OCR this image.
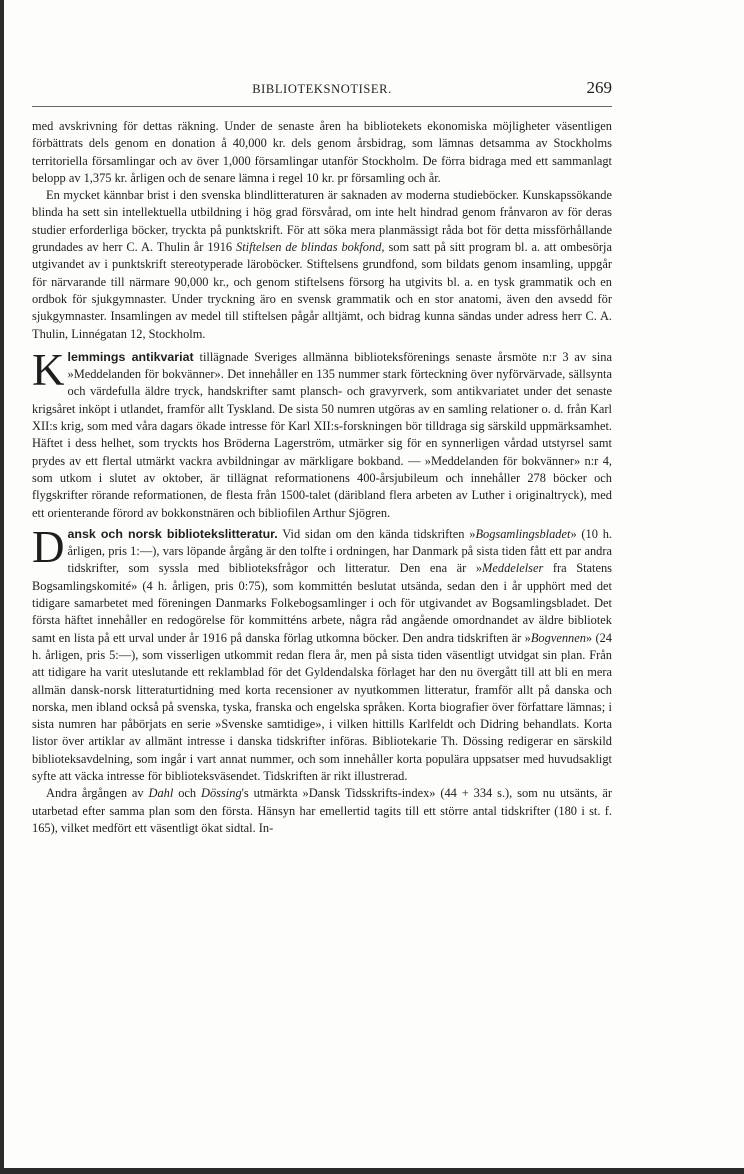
BIBLIOTEKSNOTISER.	269

med avskrivning för dettas räkning. Under de senaste åren ha bibliotekets ekonomiska möjligheter väsentligen förbättrats dels genom en donation å 40,000 kr. dels genom årsbidrag, som lämnas detsamma av Stockholms territoriella församlingar och av över 1,000 församlingar utanför Stockholm. De förra bidraga med ett sammanlagt belopp av 1,375 kr. årligen och de senare lämna i regel 10 kr. pr församling och år.

En mycket kännbar brist i den svenska blindlitteraturen är saknaden av moderna studieböcker. Kunskapssökande blinda ha sett sin intellektuella utbildning i hög grad försvårad, om inte helt hindrad genom frånvaron av för deras studier erforderliga böcker, tryckta på punktskrift. För att söka mera planmässigt råda bot för detta missförhållande grundades av herr C. A. Thulin år 1916 Stiftelsen de blindas bokfond, som satt på sitt program bl. a. att ombesörja utgivandet av i punktskrift stereotyperade läroböcker. Stiftelsens grundfond, som bildats genom insamling, uppgår för närvarande till närmare 90,000 kr., och genom stiftelsens försorg ha utgivits bl. a. en tysk grammatik och en ordbok för sjukgymnaster. Under tryckning äro en svensk grammatik och en stor anatomi, även den avsedd för sjukgymnaster. Insamlingen av medel till stiftelsen pågår alltjämt, och bidrag kunna sändas under adress herr C. A. Thulin, Linnégatan 12, Stockholm.

Klemmings antikvariat tillägnade Sveriges allmänna biblioteksförenings senaste årsmöte n:r 3 av sina »Meddelanden för bokvänner». Det innehåller en 135 nummer stark förteckning över nyförvärvade, sällsynta och värdefulla äldre tryck, handskrifter samt plansch- och gravyrverk, som antikvariatet under det senaste krigsåret inköpt i utlandet, framför allt Tyskland. De sista 50 numren utgöras av en samling relationer o. d. från Karl XII:s krig, som med våra dagars ökade intresse för Karl XII:s-forskningen bör tilldraga sig särskild uppmärksamhet. Häftet i dess helhet, som tryckts hos Bröderna Lagerström, utmärker sig för en synnerligen vårdad utstyrsel samt prydes av ett flertal utmärkt vackra avbildningar av märkligare bokband. — »Meddelanden för bokvänner» n:r 4, som utkom i slutet av oktober, är tillägnat reformationens 400-årsjubileum och innehåller 278 böcker och flygskrifter rörande reformationen, de flesta från 1500-talet (däribland flera arbeten av Luther i originaltryck), med ett orienterande förord av bokkonstnären och bibliofilen Arthur Sjögren.

Dansk och norsk bibliotekslitteratur. Vid sidan om den kända tidskriften »Bogsamlingsbladet» (10 h. årligen, pris 1:—), vars löpande årgång är den tolfte i ordningen, har Danmark på sista tiden fått ett par andra tidskrifter, som syssla med biblioteksfrågor och litteratur. Den ena är »Meddelelser fra Statens Bogsamlingskomité» (4 h. årligen, pris 0:75), som kommittén beslutat utsända, sedan den i år upphört med det tidigare samarbetet med föreningen Danmarks Folkebogsamlinger i och för utgivandet av Bogsamlingsbladet. Det första häftet innehåller en redogörelse för kommitténs arbete, några råd angående omordnandet av äldre bibliotek samt en lista på ett urval under år 1916 på danska förlag utkomna böcker. Den andra tidskriften är »Bogvennen» (24 h. årligen, pris 5:—), som visserligen utkommit redan flera år, men på sista tiden väsentligt utvidgat sin plan. Från att tidigare ha varit uteslutande ett reklamblad för det Gyldendalska förlaget har den nu övergått till att bli en mera allmän dansk-norsk litteraturtidning med korta recensioner av nyutkommen litteratur, framför allt på danska och norska, men ibland också på svenska, tyska, franska och engelska språken. Korta biografier över författare lämnas; i sista numren har påbörjats en serie »Svenske samtidige», i vilken hittills Karlfeldt och Didring behandlats. Korta listor över artiklar av allmänt intresse i danska tidskrifter införas. Bibliotekarie Th. Dössing redigerar en särskild biblioteksavdelning, som ingår i vart annat nummer, och som innehåller korta populära uppsatser med huvudsakligt syfte att väcka intresse för biblioteksväsendet. Tidskriften är rikt illustrerad.

Andra årgången av Dahl och Dössing's utmärkta »Dansk Tidsskrifts-index» (44 + 334 s.), som nu utsänts, är utarbetad efter samma plan som den första. Hänsyn har emellertid tagits till ett större antal tidskrifter (180 i st. f. 165), vilket medfört ett väsentligt ökat sidtal. In-
